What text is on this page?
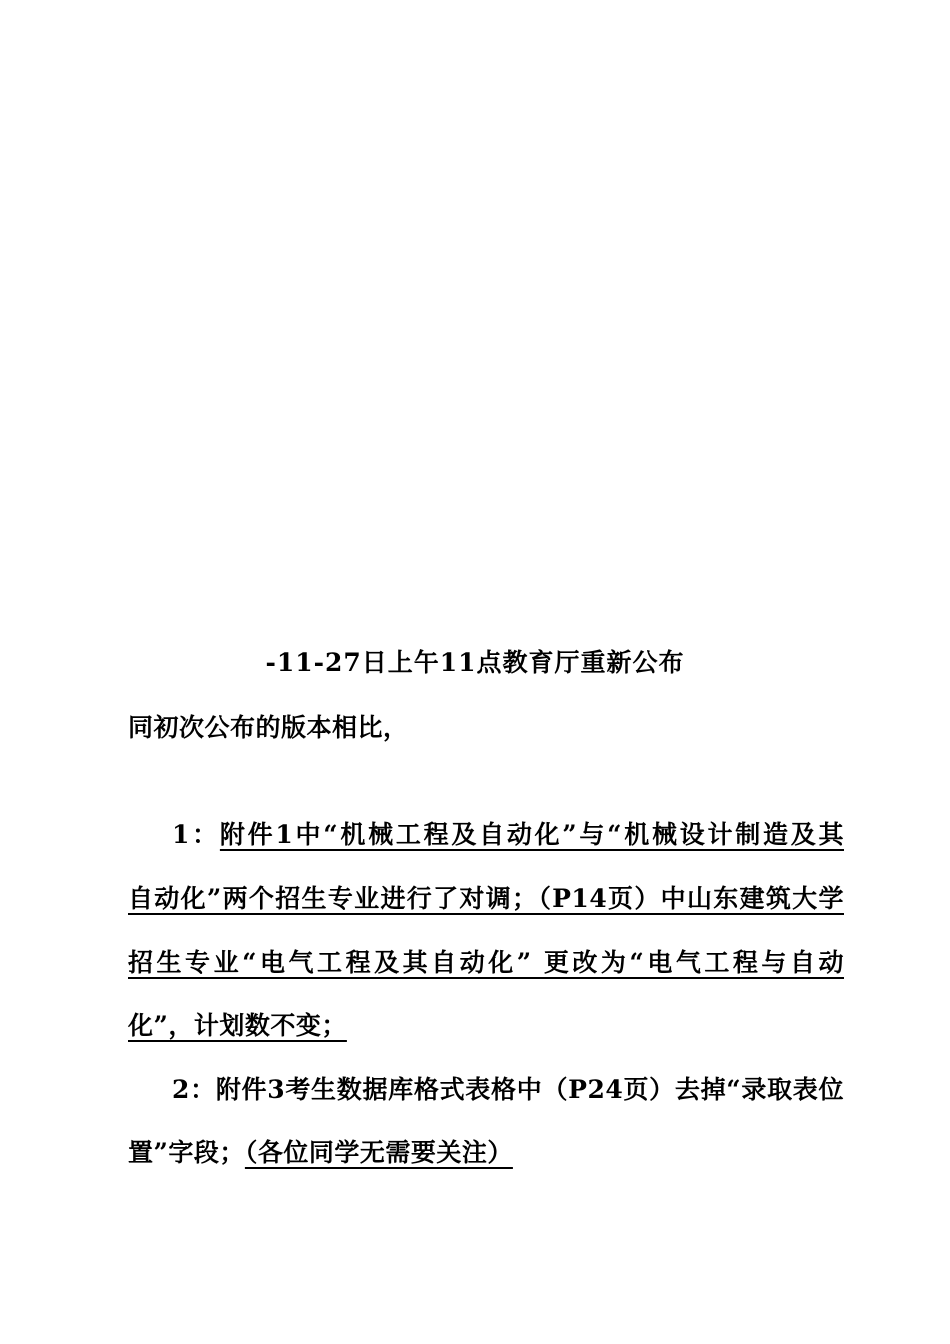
-11-27日上午11点教育厅重新公布
同初次公布的版本相比，
1：附件1中“机械工程及自动化”与“机械设计制造及其
自动化”两个招生专业进行了对调；（P14页）中山东建筑大学
招生专业“电气工程及其自动化” 更改为“电气工程与自动
化”，计划数不变；
2：附件3考生数据库格式表格中（P24页）去掉“录取表位
置”字段；（各位同学无需要关注）
